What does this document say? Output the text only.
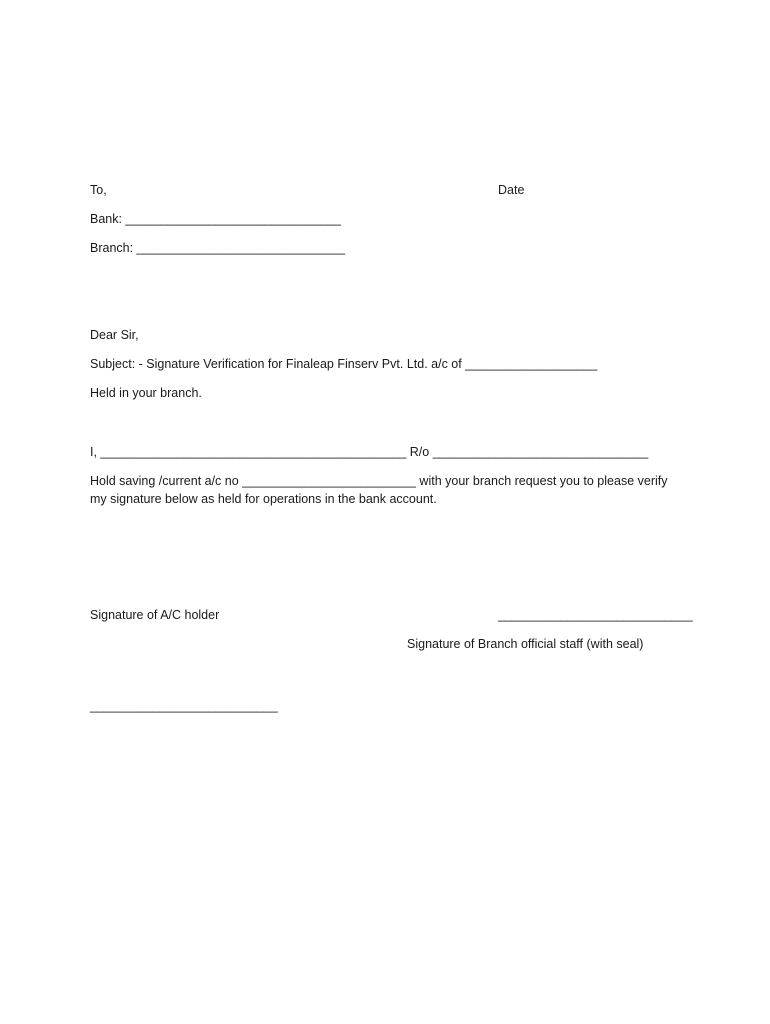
To,	Date
Bank: _______________________________
Branch: ______________________________
Dear Sir,
Subject: - Signature Verification for Finaleap Finserv Pvt. Ltd. a/c of ___________________
Held in your branch.
I, ____________________________________________ R/o _______________________________
Hold saving /current a/c no _________________________ with your branch request you to please verify
my signature below as held for operations in the bank account.
Signature of A/C holder	____________________________
Signature of Branch official staff (with seal)
___________________________
